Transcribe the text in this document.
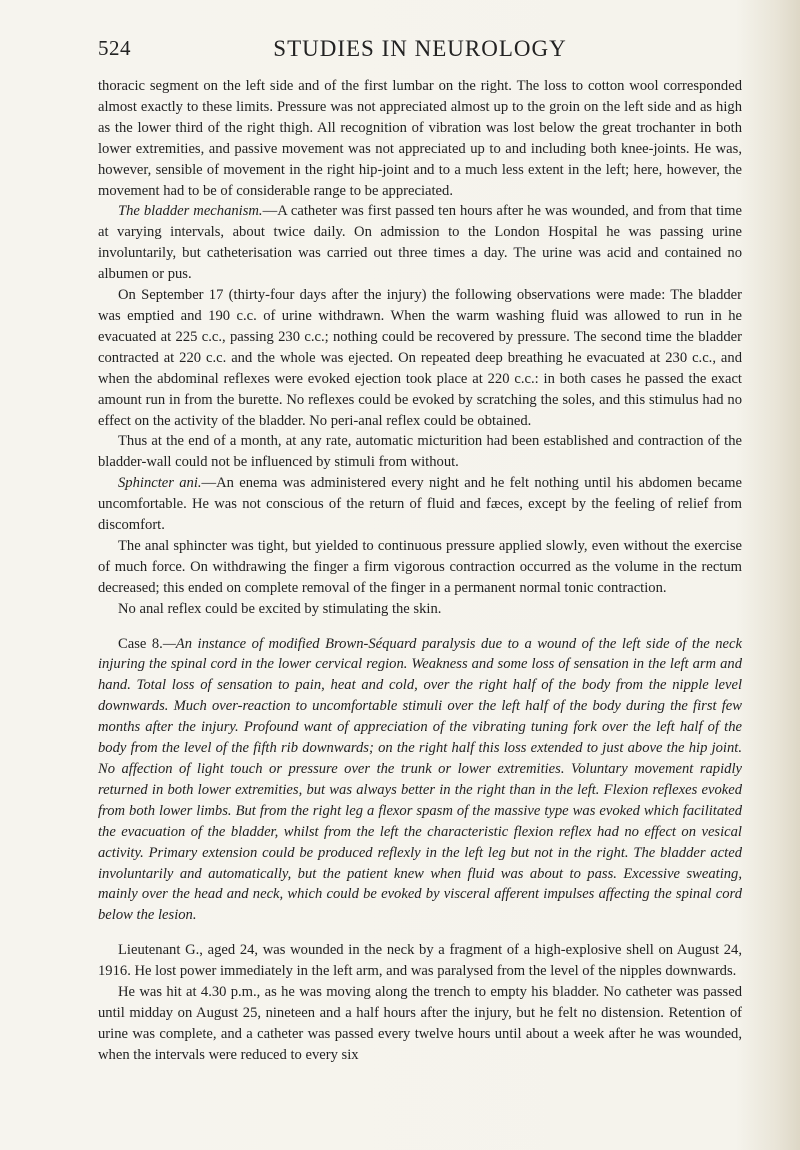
524	STUDIES IN NEUROLOGY

thoracic segment on the left side and of the first lumbar on the right. The loss to cotton wool corresponded almost exactly to these limits. Pressure was not appreciated almost up to the groin on the left side and as high as the lower third of the right thigh. All recognition of vibration was lost below the great trochanter in both lower extremities, and passive movement was not appreciated up to and including both knee-joints. He was, however, sensible of movement in the right hip-joint and to a much less extent in the left; here, however, the movement had to be of considerable range to be appreciated.

The bladder mechanism.—A catheter was first passed ten hours after he was wounded, and from that time at varying intervals, about twice daily. On admission to the London Hospital he was passing urine involuntarily, but catheterisation was carried out three times a day. The urine was acid and contained no albumen or pus.

On September 17 (thirty-four days after the injury) the following observations were made: The bladder was emptied and 190 c.c. of urine withdrawn. When the warm washing fluid was allowed to run in he evacuated at 225 c.c., passing 230 c.c.; nothing could be recovered by pressure. The second time the bladder contracted at 220 c.c. and the whole was ejected. On repeated deep breathing he evacuated at 230 c.c., and when the abdominal reflexes were evoked ejection took place at 220 c.c.: in both cases he passed the exact amount run in from the burette. No reflexes could be evoked by scratching the soles, and this stimulus had no effect on the activity of the bladder. No peri-anal reflex could be obtained.

Thus at the end of a month, at any rate, automatic micturition had been established and contraction of the bladder-wall could not be influenced by stimuli from without.

Sphincter ani.—An enema was administered every night and he felt nothing until his abdomen became uncomfortable. He was not conscious of the return of fluid and fæces, except by the feeling of relief from discomfort.

The anal sphincter was tight, but yielded to continuous pressure applied slowly, even without the exercise of much force. On withdrawing the finger a firm vigorous contraction occurred as the volume in the rectum decreased; this ended on complete removal of the finger in a permanent normal tonic contraction.

No anal reflex could be excited by stimulating the skin.

Case 8.—An instance of modified Brown-Séquard paralysis due to a wound of the left side of the neck injuring the spinal cord in the lower cervical region. Weakness and some loss of sensation in the left arm and hand. Total loss of sensation to pain, heat and cold, over the right half of the body from the nipple level downwards. Much over-reaction to uncomfortable stimuli over the left half of the body during the first few months after the injury. Profound want of appreciation of the vibrating tuning fork over the left half of the body from the level of the fifth rib downwards; on the right half this loss extended to just above the hip joint. No affection of light touch or pressure over the trunk or lower extremities. Voluntary movement rapidly returned in both lower extremities, but was always better in the right than in the left. Flexion reflexes evoked from both lower limbs. But from the right leg a flexor spasm of the massive type was evoked which facilitated the evacuation of the bladder, whilst from the left the characteristic flexion reflex had no effect on vesical activity. Primary extension could be produced reflexly in the left leg but not in the right. The bladder acted involuntarily and automatically, but the patient knew when fluid was about to pass. Excessive sweating, mainly over the head and neck, which could be evoked by visceral afferent impulses affecting the spinal cord below the lesion.

Lieutenant G., aged 24, was wounded in the neck by a fragment of a high-explosive shell on August 24, 1916. He lost power immediately in the left arm, and was paralysed from the level of the nipples downwards.

He was hit at 4.30 p.m., as he was moving along the trench to empty his bladder. No catheter was passed until midday on August 25, nineteen and a half hours after the injury, but he felt no distension. Retention of urine was complete, and a catheter was passed every twelve hours until about a week after he was wounded, when the intervals were reduced to every six
